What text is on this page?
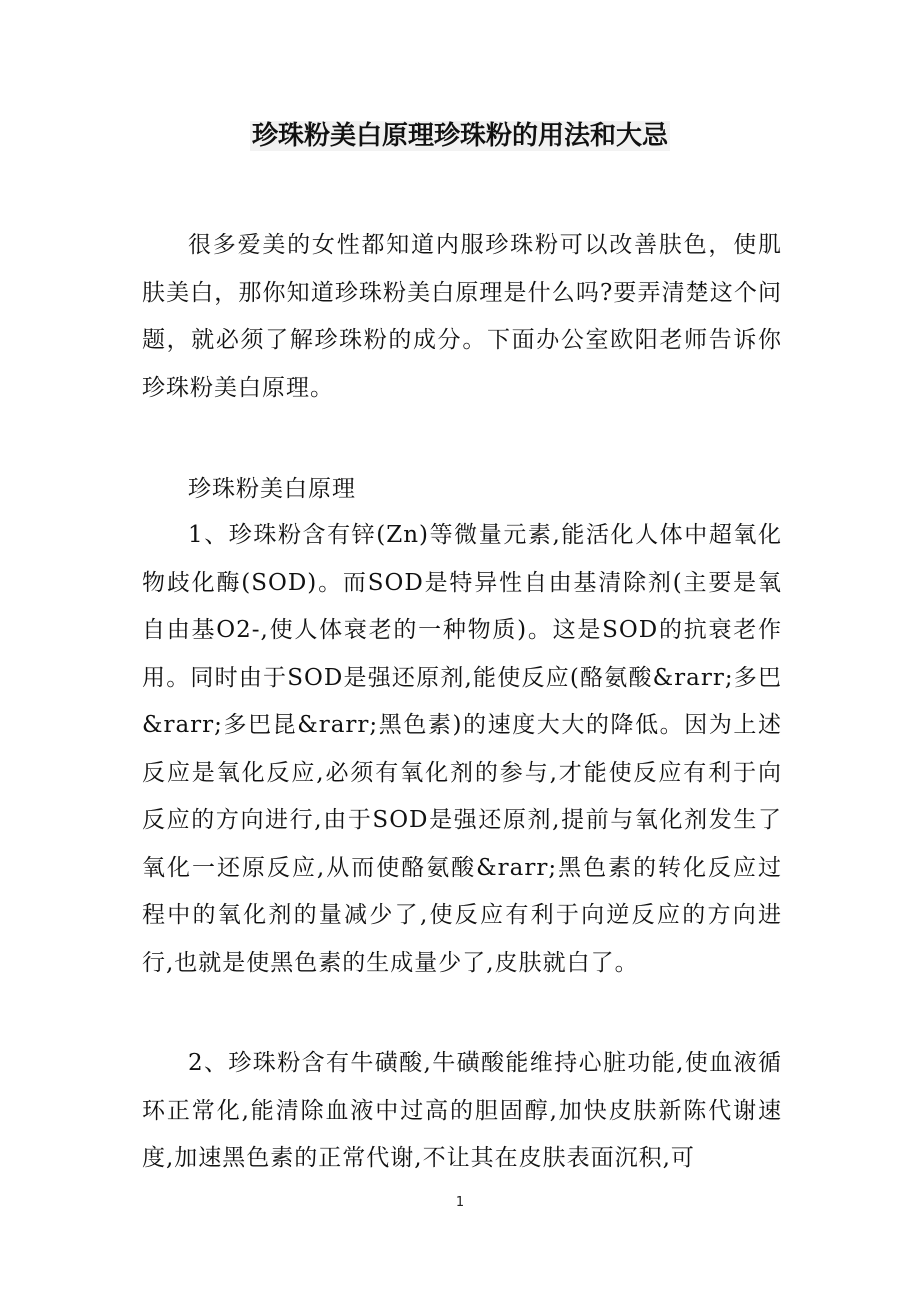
珍珠粉美白原理珍珠粉的用法和大忌

很多爱美的女性都知道内服珍珠粉可以改善肤色，使肌肤美白，那你知道珍珠粉美白原理是什么吗?要弄清楚这个问题，就必须了解珍珠粉的成分。下面办公室欧阳老师告诉你珍珠粉美白原理。

珍珠粉美白原理

1、珍珠粉含有锌(Zn)等微量元素,能活化人体中超氧化物歧化酶(SOD)。而SOD是特异性自由基清除剂(主要是氧自由基O2-,使人体衰老的一种物质)。这是SOD的抗衰老作用。同时由于SOD是强还原剂,能使反应(酪氨酸&rarr;多巴&rarr;多巴昆&rarr;黑色素)的速度大大的降低。因为上述反应是氧化反应,必须有氧化剂的参与,才能使反应有利于向反应的方向进行,由于SOD是强还原剂,提前与氧化剂发生了氧化一还原反应,从而使酪氨酸&rarr;黑色素的转化反应过程中的氧化剂的量减少了,使反应有利于向逆反应的方向进行,也就是使黑色素的生成量少了,皮肤就白了。

2、珍珠粉含有牛磺酸,牛磺酸能维持心脏功能,使血液循环正常化,能清除血液中过高的胆固醇,加快皮肤新陈代谢速度,加速黑色素的正常代谢,不让其在皮肤表面沉积,可

1
